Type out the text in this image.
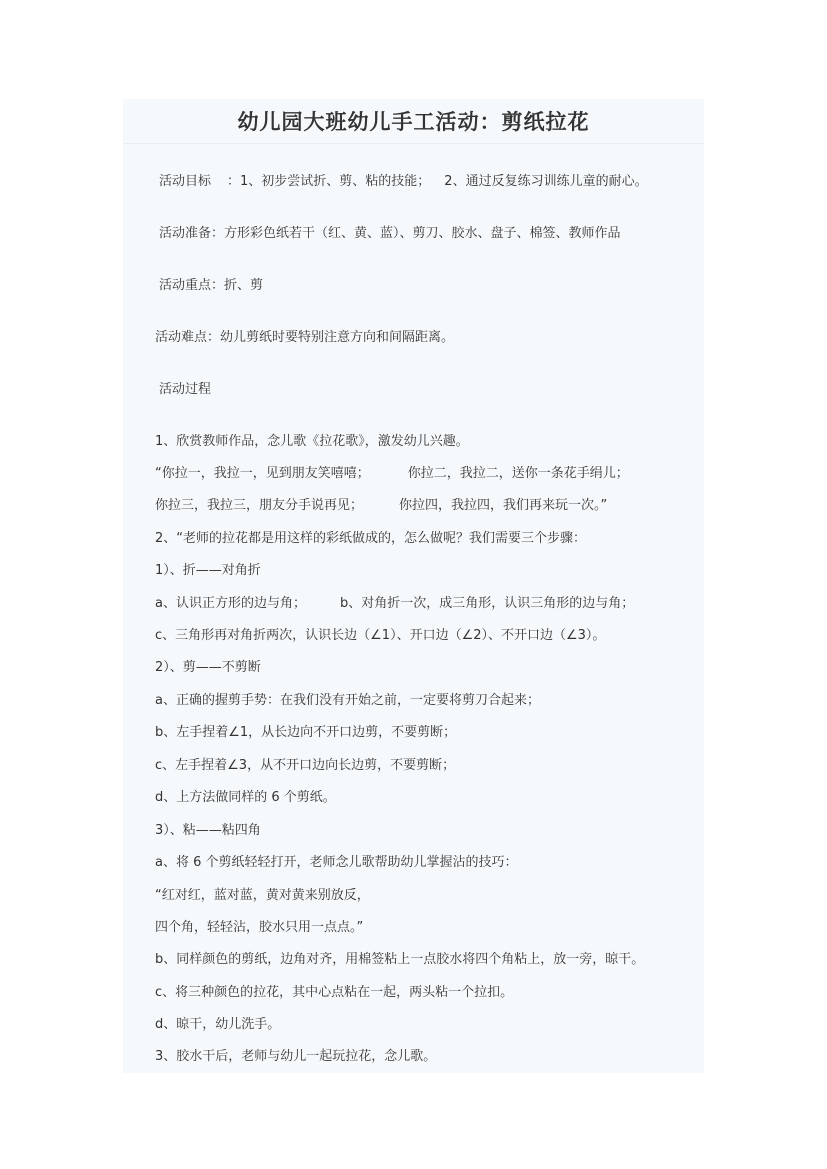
幼儿园大班幼儿手工活动：剪纸拉花
活动目标 ：1、初步尝试折、剪、粘的技能； 2、通过反复练习训练儿童的耐心。
活动准备：方形彩色纸若干（红、黄、蓝）、剪刀、胶水、盘子、棉签、教师作品
活动重点：折、剪
活动难点：幼儿剪纸时要特别注意方向和间隔距离。
活动过程
1、欣赏教师作品，念儿歌《拉花歌》，激发幼儿兴趣。
“你拉一，我拉一，见到朋友笑嘻嘻；	你拉二，我拉二，送你一条花手绢儿；
你拉三，我拉三，朋友分手说再见；	你拉四，我拉四，我们再来玩一次。”
2、“老师的拉花都是用这样的彩纸做成的，怎么做呢？我们需要三个步骤：
1）、折——对角折
a、认识正方形的边与角；	b、对角折一次，成三角形，认识三角形的边与角；
c、三角形再对角折两次，认识长边（∠1）、开口边（∠2）、不开口边（∠3）。
2）、剪——不剪断
a、正确的握剪手势：在我们没有开始之前，一定要将剪刀合起来；
b、左手捏着∠1，从长边向不开口边剪，不要剪断；
c、左手捏着∠3，从不开口边向长边剪，不要剪断；
d、上方法做同样的 6 个剪纸。
3）、粘——粘四角
a、将 6 个剪纸轻轻打开，老师念儿歌帮助幼儿掌握沾的技巧：
“红对红，蓝对蓝，黄对黄来别放反，
四个角，轻轻沾，胶水只用一点点。”
b、同样颜色的剪纸，边角对齐，用棉签粘上一点胶水将四个角粘上，放一旁，晾干。
c、将三种颜色的拉花，其中心点粘在一起，两头粘一个拉扣。
d、晾干，幼儿洗手。
3、胶水干后，老师与幼儿一起玩拉花，念儿歌。
